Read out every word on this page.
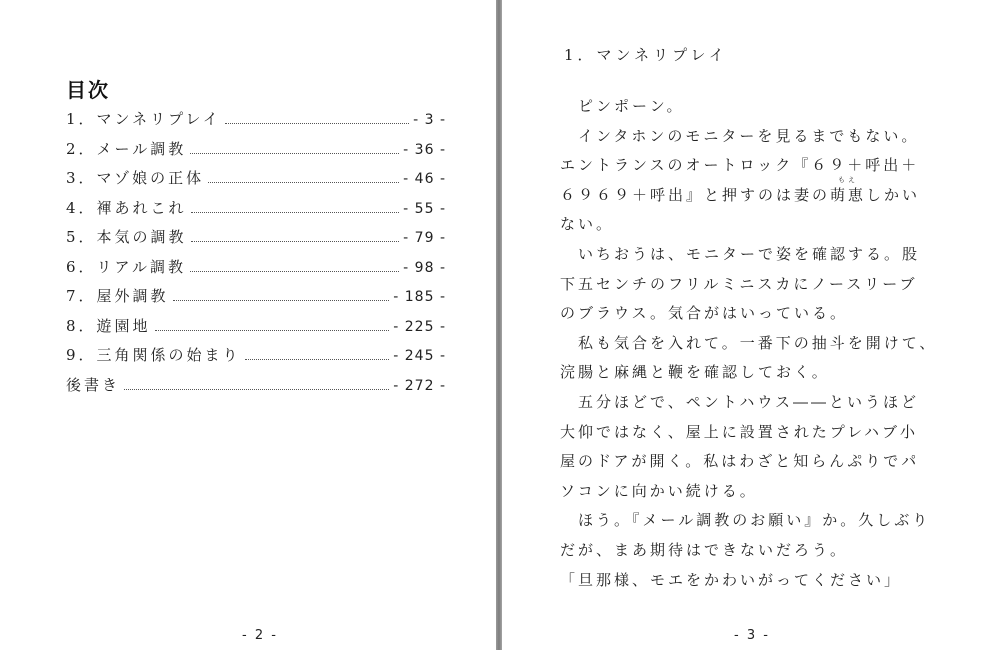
目次
1．マンネリプレイ	- 3 -
2．メール調教	- 36 -
3．マゾ娘の正体	- 46 -
4．褌あれこれ	- 55 -
5．本気の調教	- 79 -
6．リアル調教	- 98 -
7．屋外調教	- 185 -
8．遊園地	- 225 -
9．三角関係の始まり	- 245 -
後書き	- 272 -
- 2 -
1．マンネリプレイ
　ピンポーン。
　インタホンのモニターを見るまでもない。
エントランスのオートロック『６９＋呼出＋
６９６９＋呼出』と押すのは妻の
もえ
萌恵しかい
ない。
　いちおうは、モニターで姿を確認する。股
下五センチのフリルミニスカにノースリーブ
のブラウス。気合がはいっている。
　私も気合を入れて。一番下の抽斗を開けて、
浣腸と麻縄と鞭を確認しておく。
　五分ほどで、ペントハウス――というほど
大仰ではなく、屋上に設置されたプレハブ小
屋のドアが開く。私はわざと知らんぷりでパ
ソコンに向かい続ける。
　ほう。『メール調教のお願い』か。久しぶり
だが、まあ期待はできないだろう。
「旦那様、モエをかわいがってください」
- 3 -
